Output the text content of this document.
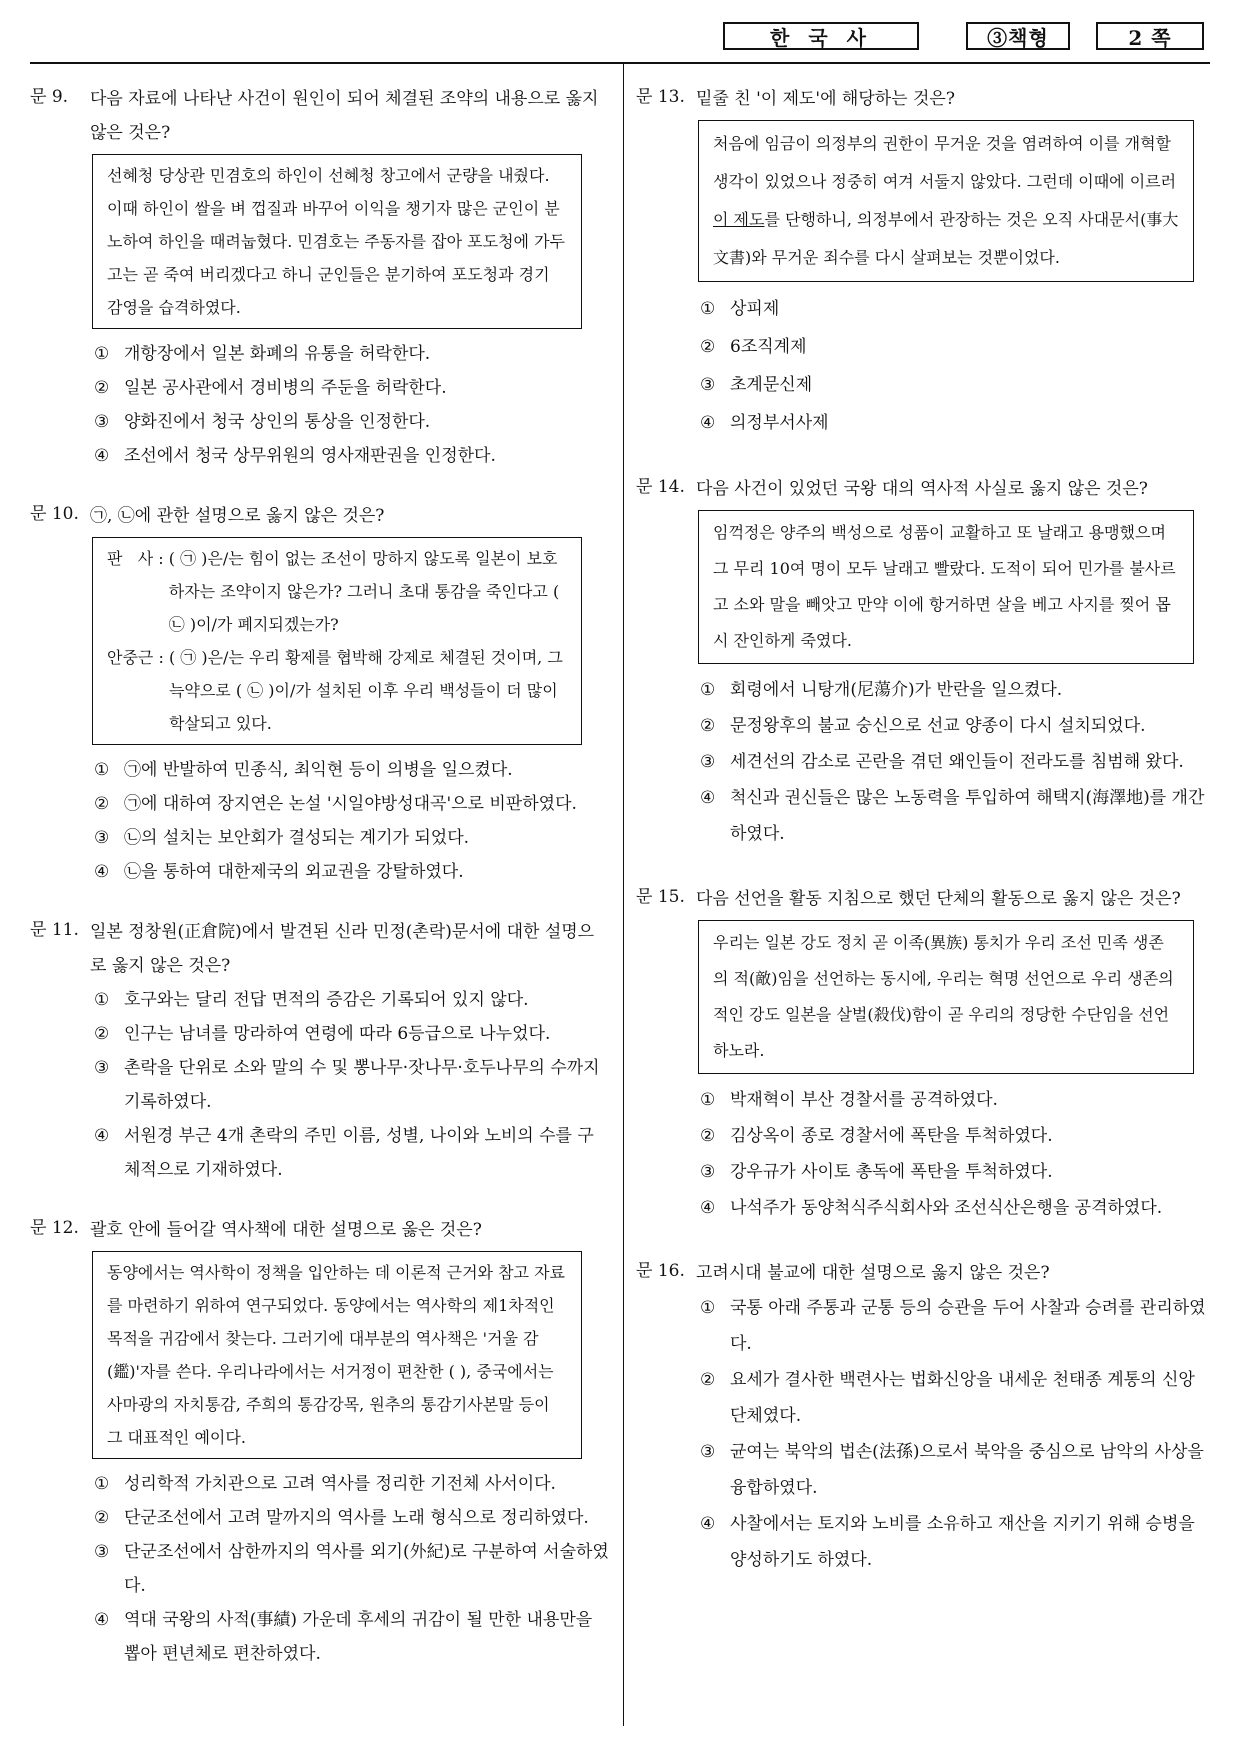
한 국 사	③책형	2 쪽
문 9. 다음 자료에 나타난 사건이 원인이 되어 체결된 조약의 내용으로 옳지 않은 것은?
선혜청 당상관 민겸호의 하인이 선혜청 창고에서 군량을 내줬다. 이때 하인이 쌀을 벼 껍질과 바꾸어 이익을 챙기자 많은 군인이 분노하여 하인을 때려눕혔다. 민겸호는 주동자를 잡아 포도청에 가두고는 곧 죽여 버리겠다고 하니 군인들은 분기하여 포도청과 경기 감영을 습격하였다.
① 개항장에서 일본 화폐의 유통을 허락한다.
② 일본 공사관에서 경비병의 주둔을 허락한다.
③ 양화진에서 청국 상인의 통상을 인정한다.
④ 조선에서 청국 상무위원의 영사재판권을 인정한다.
문 10. ㉠, ㉡에 관한 설명으로 옳지 않은 것은?
판   사 : ( ㉠ )은/는 힘이 없는 조선이 망하지 않도록 일본이 보호하자는 조약이지 않은가? 그러니 초대 통감을 죽인다고 ( ㉡ )이/가 폐지되겠는가?
안중근 : ( ㉠ )은/는 우리 황제를 협박해 강제로 체결된 것이며, 그 늑약으로 ( ㉡ )이/가 설치된 이후 우리 백성들이 더 많이 학살되고 있다.
① ㉠에 반발하여 민종식, 최익현 등이 의병을 일으켰다.
② ㉠에 대하여 장지연은 논설 '시일야방성대곡'으로 비판하였다.
③ ㉡의 설치는 보안회가 결성되는 계기가 되었다.
④ ㉡을 통하여 대한제국의 외교권을 강탈하였다.
문 11. 일본 정창원(正倉院)에서 발견된 신라 민정(촌락)문서에 대한 설명으로 옳지 않은 것은?
① 호구와는 달리 전답 면적의 증감은 기록되어 있지 않다.
② 인구는 남녀를 망라하여 연령에 따라 6등급으로 나누었다.
③ 촌락을 단위로 소와 말의 수 및 뽕나무·잣나무·호두나무의 수까지 기록하였다.
④ 서원경 부근 4개 촌락의 주민 이름, 성별, 나이와 노비의 수를 구체적으로 기재하였다.
문 12. 괄호 안에 들어갈 역사책에 대한 설명으로 옳은 것은?
동양에서는 역사학이 정책을 입안하는 데 이론적 근거와 참고 자료를 마련하기 위하여 연구되었다. 동양에서는 역사학의 제1차적인 목적을 귀감에서 찾는다. 그러기에 대부분의 역사책은 '거울 감(鑑)'자를 쓴다. 우리나라에서는 서거정이 편찬한 ( ), 중국에서는 사마광의 자치통감, 주희의 통감강목, 원추의 통감기사본말 등이 그 대표적인 예이다.
① 성리학적 가치관으로 고려 역사를 정리한 기전체 사서이다.
② 단군조선에서 고려 말까지의 역사를 노래 형식으로 정리하였다.
③ 단군조선에서 삼한까지의 역사를 외기(外紀)로 구분하여 서술하였다.
④ 역대 국왕의 사적(事績) 가운데 후세의 귀감이 될 만한 내용만을 뽑아 편년체로 편찬하였다.
문 13. 밑줄 친 '이 제도'에 해당하는 것은?
처음에 임금이 의정부의 권한이 무거운 것을 염려하여 이를 개혁할 생각이 있었으나 정중히 여겨 서둘지 않았다. 그런데 이때에 이르러 이 제도를 단행하니, 의정부에서 관장하는 것은 오직 사대문서(事大文書)와 무거운 죄수를 다시 살펴보는 것뿐이었다.
① 상피제
② 6조직계제
③ 초계문신제
④ 의정부서사제
문 14. 다음 사건이 있었던 국왕 대의 역사적 사실로 옳지 않은 것은?
임꺽정은 양주의 백성으로 성품이 교활하고 또 날래고 용맹했으며 그 무리 10여 명이 모두 날래고 빨랐다. 도적이 되어 민가를 불사르고 소와 말을 빼앗고 만약 이에 항거하면 살을 베고 사지를 찢어 몹시 잔인하게 죽였다.
① 회령에서 니탕개(尼蕩介)가 반란을 일으켰다.
② 문정왕후의 불교 숭신으로 선교 양종이 다시 설치되었다.
③ 세견선의 감소로 곤란을 겪던 왜인들이 전라도를 침범해 왔다.
④ 척신과 권신들은 많은 노동력을 투입하여 해택지(海澤地)를 개간하였다.
문 15. 다음 선언을 활동 지침으로 했던 단체의 활동으로 옳지 않은 것은?
우리는 일본 강도 정치 곧 이족(異族) 통치가 우리 조선 민족 생존의 적(敵)임을 선언하는 동시에, 우리는 혁명 선언으로 우리 생존의 적인 강도 일본을 살벌(殺伐)함이 곧 우리의 정당한 수단임을 선언하노라.
① 박재혁이 부산 경찰서를 공격하였다.
② 김상옥이 종로 경찰서에 폭탄을 투척하였다.
③ 강우규가 사이토 총독에 폭탄을 투척하였다.
④ 나석주가 동양척식주식회사와 조선식산은행을 공격하였다.
문 16. 고려시대 불교에 대한 설명으로 옳지 않은 것은?
① 국통 아래 주통과 군통 등의 승관을 두어 사찰과 승려를 관리하였다.
② 요세가 결사한 백련사는 법화신앙을 내세운 천태종 계통의 신앙단체였다.
③ 균여는 북악의 법손(法孫)으로서 북악을 중심으로 남악의 사상을 융합하였다.
④ 사찰에서는 토지와 노비를 소유하고 재산을 지키기 위해 승병을 양성하기도 하였다.
